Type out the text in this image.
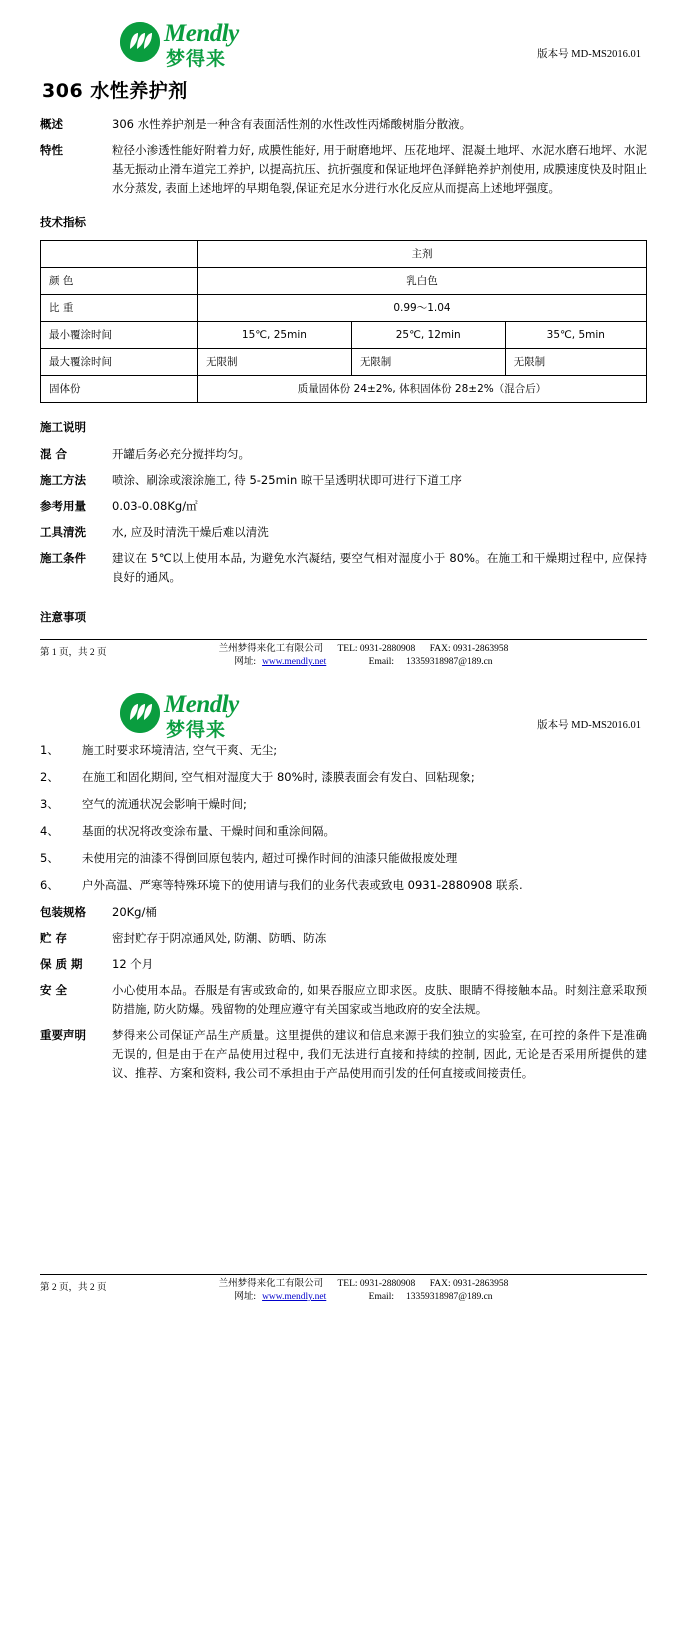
Mendly
梦得来	版本号 MD-MS2016.01
306 水性养护剂
概述	306 水性养护剂是一种含有表面活性剂的水性改性丙烯酸树脂分散液。
特性	粒径小渗透性能好附着力好, 成膜性能好, 用于耐磨地坪、压花地坪、混凝土地坪、水泥水磨石地坪、水泥基无振动止滑车道完工养护, 以提高抗压、抗折强度和保证地坪色泽鲜艳养护剂使用, 成膜速度快及时阻止水分蒸发, 表面上述地坪的早期龟裂,保证充足水分进行水化反应从而提高上述地坪强度。
技术指标
	主剂		
颜 色	乳白色		
比 重	0.99～1.04		
最小覆涂时间	15℃, 25min	25℃, 12min	35℃, 5min
最大覆涂时间	无限制	无限制	无限制
固体份	质量固体份 24±2%, 体积固体份 28±2%（混合后）		
施工说明
混 合	开罐后务必充分搅拌均匀。
施工方法	喷涂、刷涂或滚涂施工, 待 5-25min 晾干呈透明状即可进行下道工序
参考用量	0.03-0.08Kg/㎡
工具清洗	水, 应及时清洗干燥后难以清洗
施工条件	建议在 5℃以上使用本品, 为避免水汽凝结, 要空气相对湿度小于 80%。在施工和干燥期过程中, 应保持良好的通风。
注意事项
第 1 页，共 2 页	兰州梦得来化工有限公司 TEL: 0931-2880908 FAX: 0931-2863958
网址: www.mendly.net	Email: 13359318987@189.cn
Mendly
梦得来	版本号 MD-MS2016.01
1、	施工时要求环境清洁, 空气干爽、无尘;
2、	在施工和固化期间, 空气相对湿度大于 80%时, 漆膜表面会有发白、回粘现象;
3、	空气的流通状况会影响干燥时间;
4、	基面的状况将改变涂布量、干燥时间和重涂间隔。
5、	未使用完的油漆不得倒回原包装内, 超过可操作时间的油漆只能做报废处理
6、	户外高温、严寒等特殊环境下的使用请与我们的业务代表或致电 0931-2880908 联系.
包装规格	20Kg/桶
贮 存	密封贮存于阴凉通风处, 防潮、防晒、防冻
保 质 期	12 个月
安 全	小心使用本品。吞服是有害或致命的, 如果吞服应立即求医。皮肤、眼睛不得接触本品。时刻注意采取预防措施, 防火防爆。残留物的处理应遵守有关国家或当地政府的安全法规。
重要声明	梦得来公司保证产品生产质量。这里提供的建议和信息来源于我们独立的实验室, 在可控的条件下是准确无误的, 但是由于在产品使用过程中, 我们无法进行直接和持续的控制, 因此, 无论是否采用所提供的建议、推荐、方案和资料, 我公司不承担由于产品使用而引发的任何直接或间接责任。
第 2 页，共 2 页	兰州梦得来化工有限公司 TEL: 0931-2880908 FAX: 0931-2863958
网址: www.mendly.net	Email: 13359318987@189.cn
